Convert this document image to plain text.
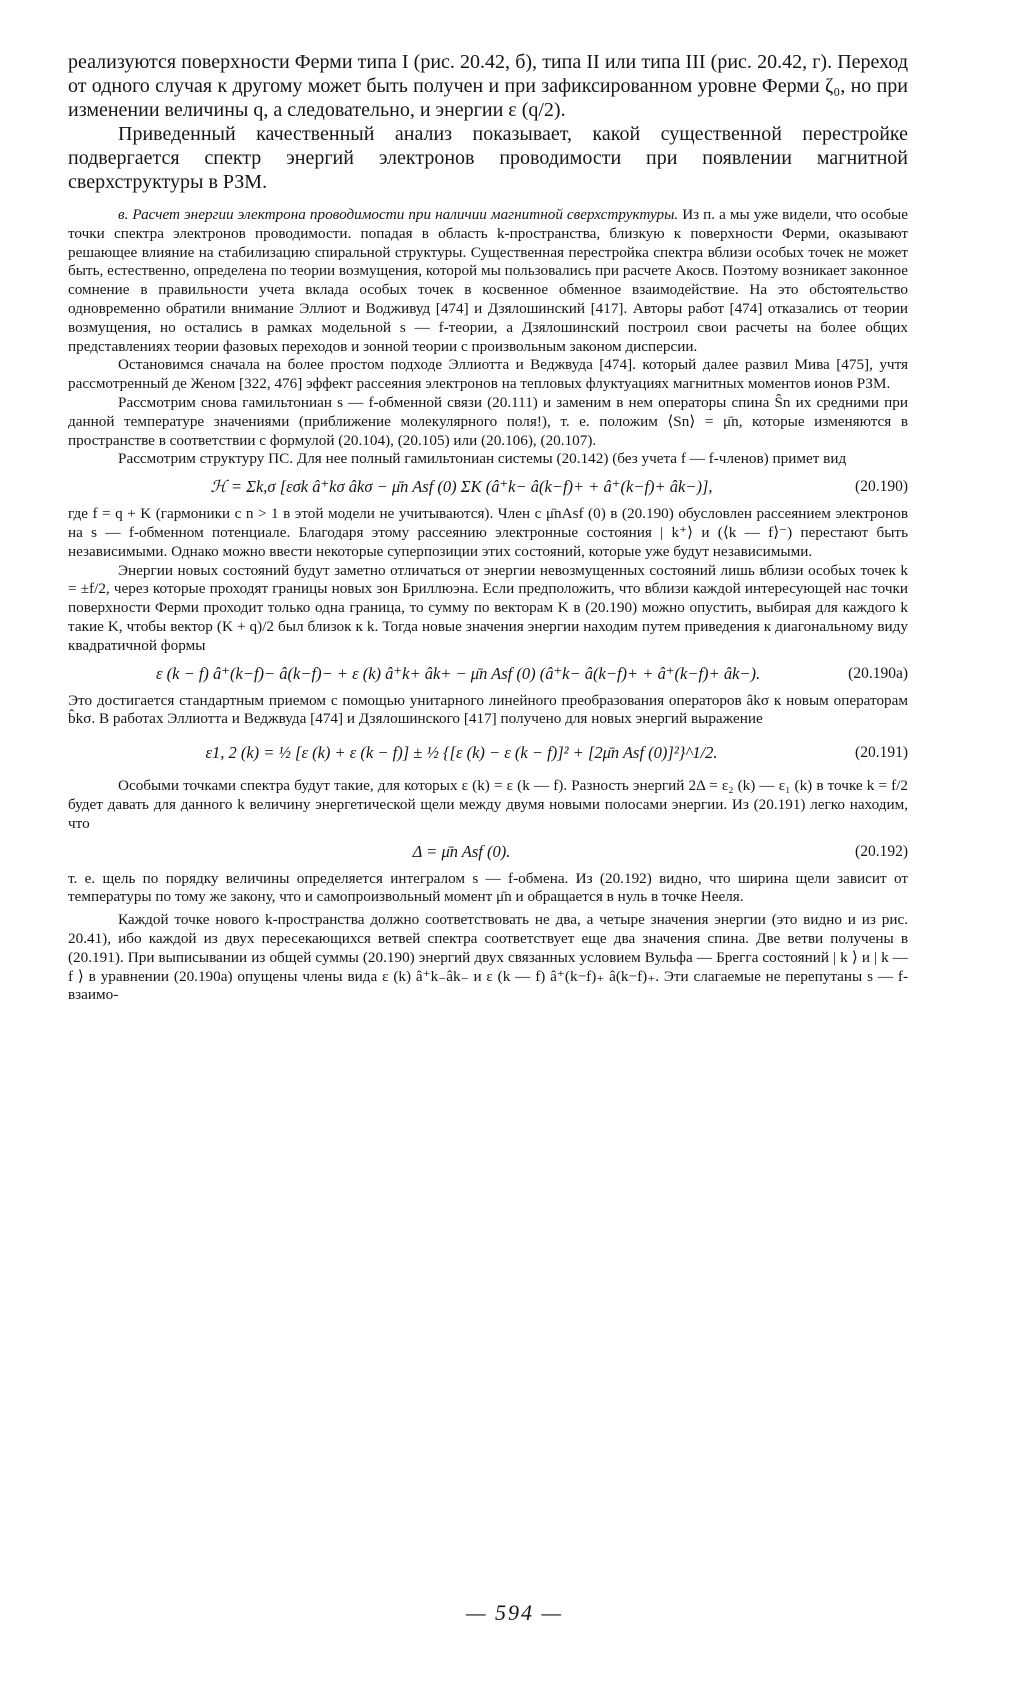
реализуются поверхности Ферми типа I (рис. 20.42, б), типа II или типа III (рис. 20.42, г). Переход от одного случая к другому может быть получен и при зафиксированном уровне Ферми ζ₀, но при изменении величины q, а следовательно, и энергии ε (q/2).

Приведенный качественный анализ показывает, какой существенной перестройке подвергается спектр энергий электронов проводимости при появлении магнитной сверхструктуры в РЗМ.

в. Расчет энергии электрона проводимости при наличии магнитной сверхструктуры. Из п. а мы уже видели, что особые точки спектра электронов проводимости. попадая в область k-пространства, близкую к поверхности Ферми, оказывают решающее влияние на стабилизацию спиральной структуры. Существенная перестройка спектра вблизи особых точек не может быть, естественно, определена по теории возмущения, которой мы пользовались при расчете Aкосв. Поэтому возникает законное сомнение в правильности учета вклада особых точек в косвенное обменное взаимодействие. На это обстоятельство одновременно обратили внимание Эллиот и Водживуд [474] и Дзялошинский [417]. Авторы работ [474] отказались от теории возмущения, но остались в рамках модельной s — f-теории, а Дзялошинский построил свои расчеты на более общих представлениях теории фазовых переходов и зонной теории с произвольным законом дисперсии.

Остановимся сначала на более простом подходе Эллиотта и Веджвуда [474]. который далее развил Мива [475], учтя рассмотренный де Женом [322, 476] эффект рассеяния электронов на тепловых флуктуациях магнитных моментов ионов РЗМ.

Рассмотрим снова гамильтониан s — f-обменной связи (20.111) и заменим в нем операторы спина Ŝn их средними при данной температуре значениями (приближение молекулярного поля!), т. е. положим ⟨Sn⟩ = μ̄n, которые изменяются в пространстве в соответствии с формулой (20.104), (20.105) или (20.106), (20.107).

Рассмотрим структуру ПС. Для нее полный гамильтониан системы (20.142) (без учета f — f-членов) примет вид

ℋ = Σk,σ [εσk â⁺kσ âkσ − μ̄n Asf (0) ΣK (â⁺k− â(k−f)+ + â⁺(k−f)+ âk−)],	(20.190)

где f = q + K (гармоники с n > 1 в этой модели не учитываются). Член с μ̄nAsf (0) в (20.190) обусловлен рассеянием электронов на s — f-обменном потенциале. Благодаря этому рассеянию электронные состояния | k⁺⟩ и (⟨k — f⟩⁻) перестают быть независимыми. Однако можно ввести некоторые суперпозиции этих состояний, которые уже будут независимыми.

Энергии новых состояний будут заметно отличаться от энергии невозмущенных состояний лишь вблизи особых точек k = ±f/2, через которые проходят границы новых зон Бриллюэна. Если предположить, что вблизи каждой интересующей нас точки поверхности Ферми проходит только одна граница, то сумму по векторам K в (20.190) можно опустить, выбирая для каждого k такие K, чтобы вектор (K + q)/2 был близок к k. Тогда новые значения энергии находим путем приведения к диагональному виду квадратичной формы

ε (k − f) â⁺(k−f)− â(k−f)− + ε (k) â⁺k+ âk+ − μ̄n Asf (0) (â⁺k− â(k−f)+ + â⁺(k−f)+ âk−).	(20.190a)

Это достигается стандартным приемом с помощью унитарного линейного преобразования операторов âkσ к новым операторам b̂kσ. В работах Эллиотта и Веджвуда [474] и Дзялошинского [417] получено для новых энергий выражение

ε1, 2 (k) = ½ [ε (k) + ε (k − f)] ± ½ {[ε (k) − ε (k − f)]² + [2μ̄n Asf (0)]²}^1/2.	(20.191)

Особыми точками спектра будут такие, для которых ε (k) = ε (k — f). Разность энергий 2Δ = ε₂ (k) — ε₁ (k) в точке k = f/2 будет давать для данного k величину энергетической щели между двумя новыми полосами энергии. Из (20.191) легко находим, что

Δ = μ̄n Asf (0).	(20.192)

т. е. щель по порядку величины определяется интегралом s — f-обмена. Из (20.192) видно, что ширина щели зависит от температуры по тому же закону, что и самопроизвольный момент μ̄n и обращается в нуль в точке Нееля.

Каждой точке нового k-пространства должно соответствовать не два, а четыре значения энергии (это видно и из рис. 20.41), ибо каждой из двух пересекающихся ветвей спектра соответствует еще два значения спина. Две ветви получены в (20.191). При выписывании из общей суммы (20.190) энергий двух связанных условием Вульфа — Брегга состояний | k ⟩ и | k — f ⟩ в уравнении (20.190а) опущены члены вида ε (k) â⁺k₋âk₋ и ε (k — f) â⁺(k−f)₊ â(k−f)₊. Эти слагаемые не перепутаны s — f-взаимо-

— 594 —
